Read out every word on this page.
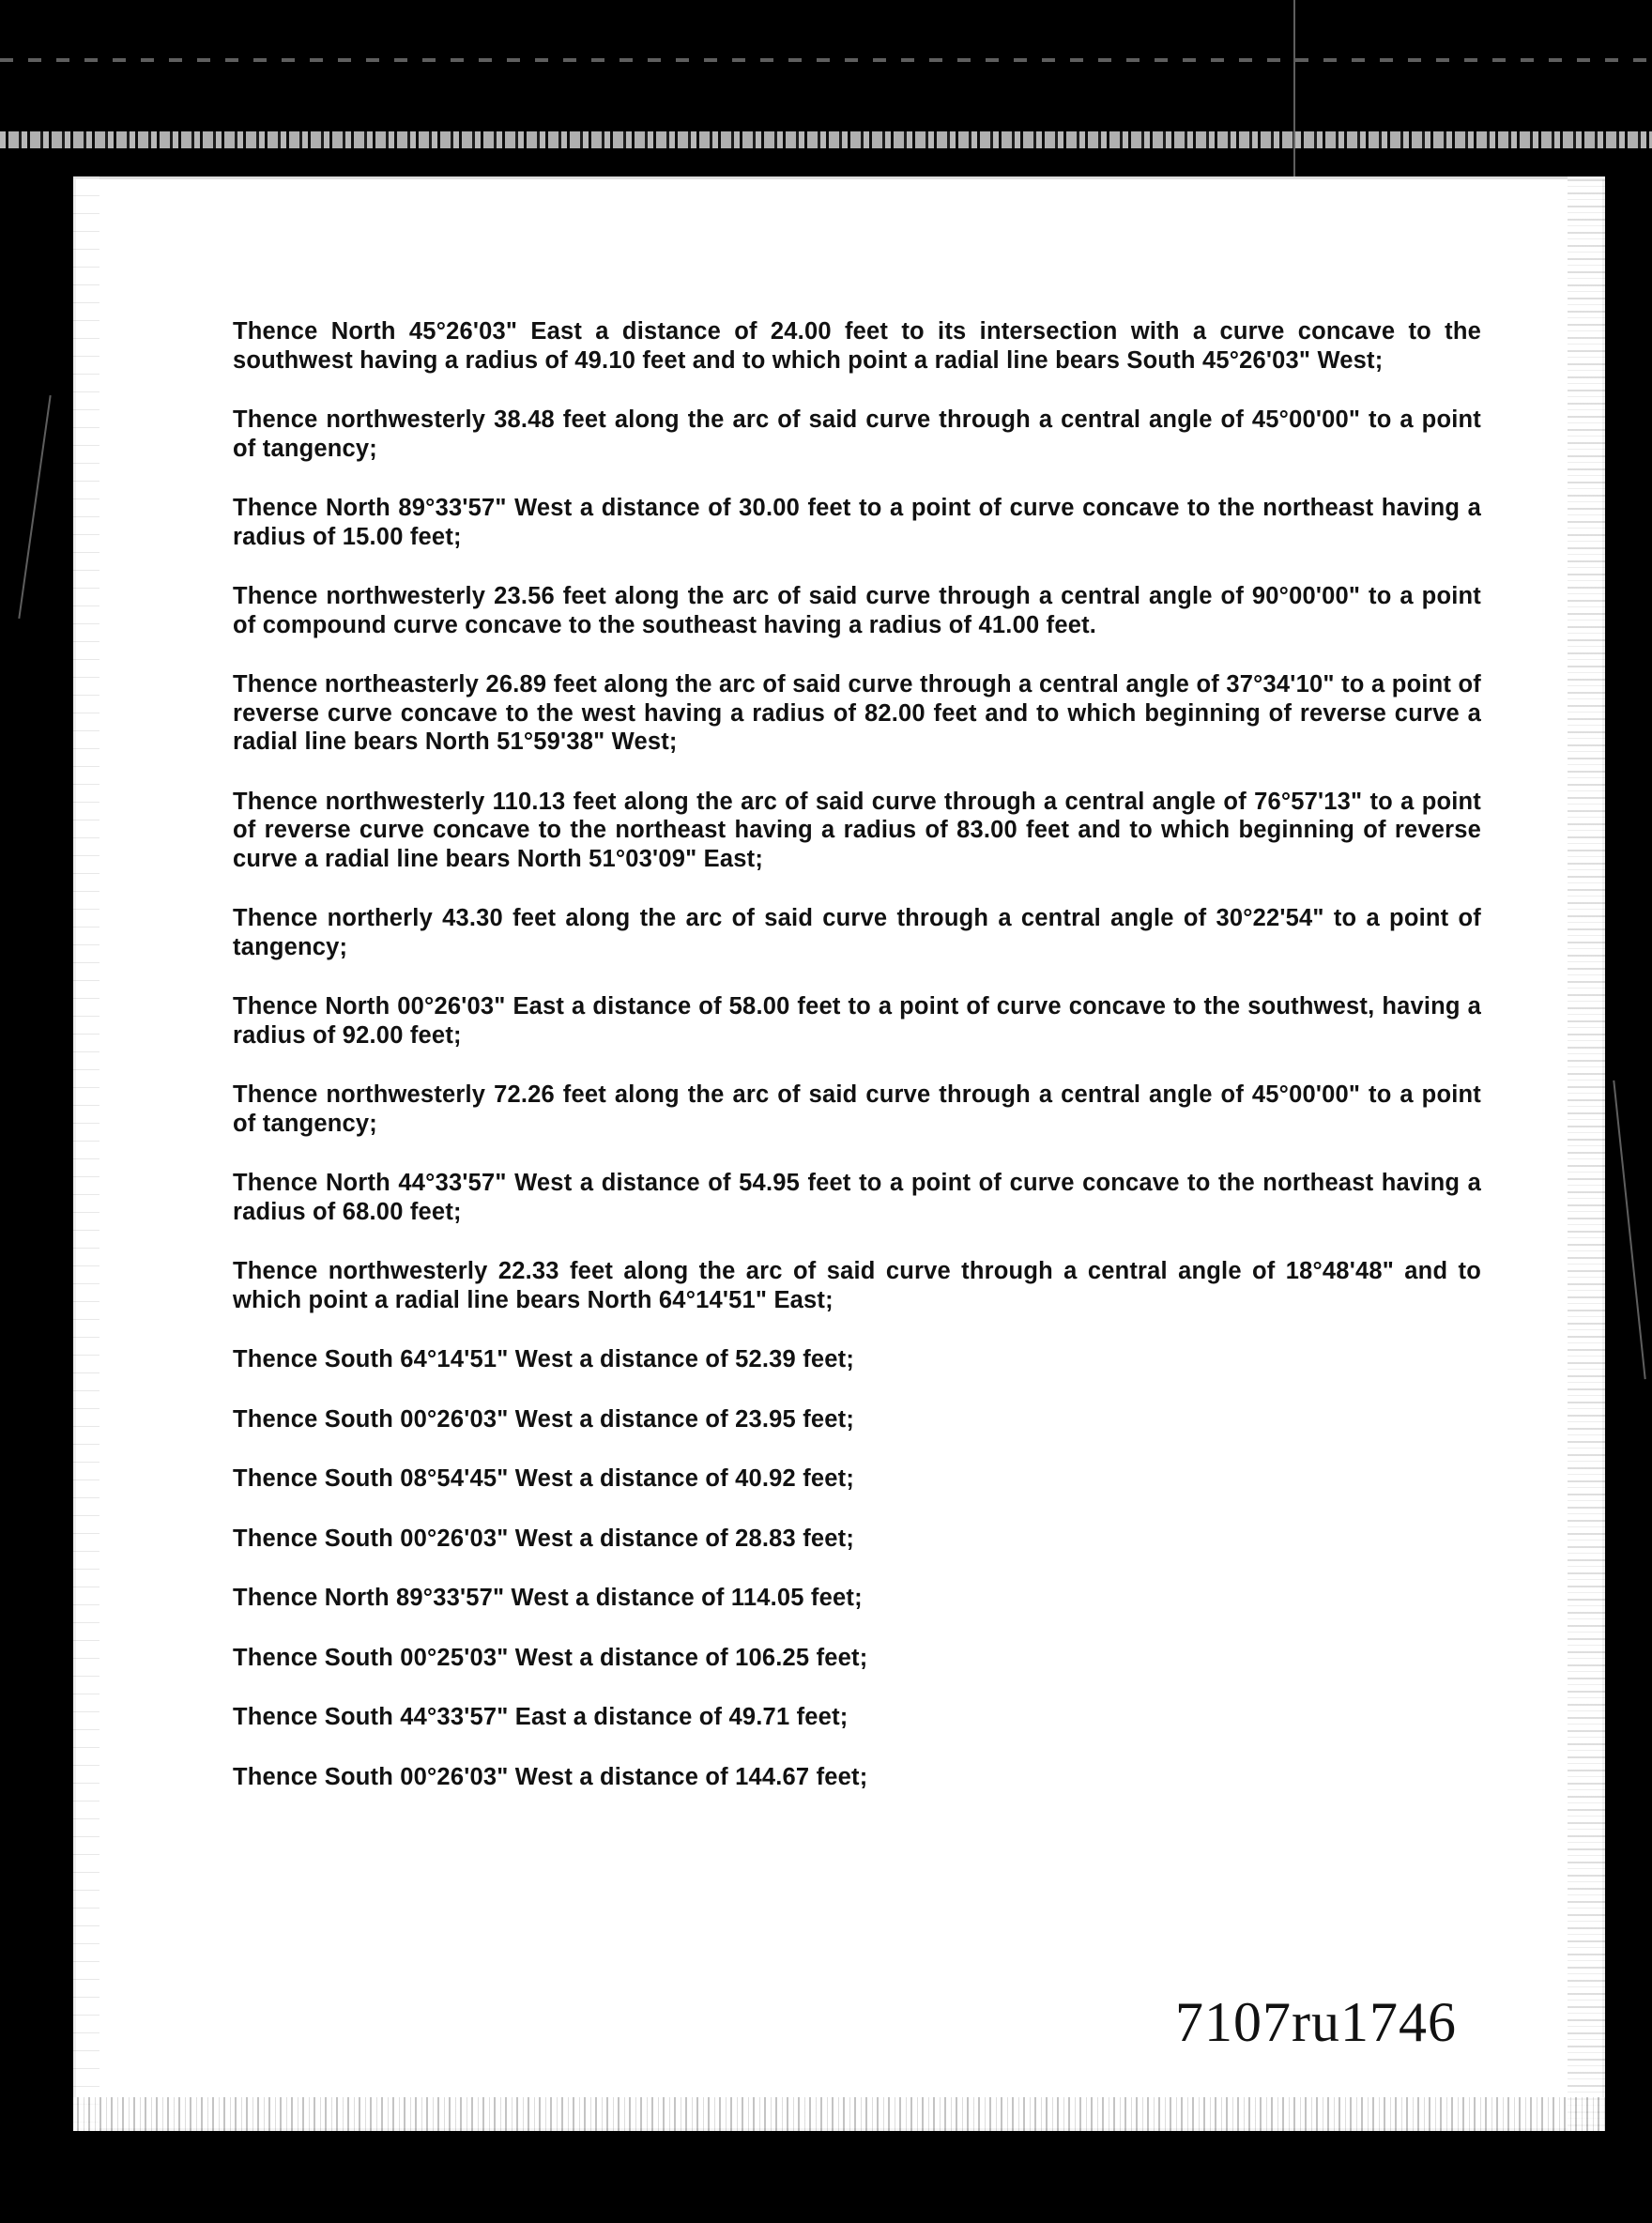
Thence North 45°26'03" East a distance of 24.00 feet to its intersection with a curve concave to the southwest having a radius of 49.10 feet and to which point a radial line bears South 45°26'03" West;

Thence northwesterly 38.48 feet along the arc of said curve through a central angle of 45°00'00" to a point of tangency;

Thence North 89°33'57" West a distance of 30.00 feet to a point of curve concave to the northeast having a radius of 15.00 feet;

Thence northwesterly 23.56 feet along the arc of said curve through a central angle of 90°00'00" to a point of compound curve concave to the southeast having a radius of 41.00 feet.

Thence northeasterly 26.89 feet along the arc of said curve through a central angle of 37°34'10" to a point of reverse curve concave to the west having a radius of 82.00 feet and to which beginning of reverse curve a radial line bears North 51°59'38" West;

Thence northwesterly 110.13 feet along the arc of said curve through a central angle of 76°57'13" to a point of reverse curve concave to the northeast having a radius of 83.00 feet and to which beginning of reverse curve a radial line bears North 51°03'09" East;

Thence northerly 43.30 feet along the arc of said curve through a central angle of 30°22'54" to a point of tangency;

Thence North 00°26'03" East a distance of 58.00 feet to a point of curve concave to the southwest, having a radius of 92.00 feet;

Thence northwesterly 72.26 feet along the arc of said curve through a central angle of 45°00'00" to a point of tangency;

Thence North 44°33'57" West a distance of 54.95 feet to a point of curve concave to the northeast having a radius of 68.00 feet;

Thence northwesterly 22.33 feet along the arc of said curve through a central angle of 18°48'48" and to which point a radial line bears North 64°14'51" East;

Thence South 64°14'51" West a distance of 52.39 feet;

Thence South 00°26'03" West a distance of 23.95 feet;

Thence South 08°54'45" West a distance of 40.92 feet;

Thence South 00°26'03" West a distance of 28.83 feet;

Thence North 89°33'57" West a distance of 114.05 feet;

Thence South 00°25'03" West a distance of 106.25 feet;

Thence South 44°33'57" East a distance of 49.71 feet;

Thence South 00°26'03" West a distance of 144.67 feet;

7107ru1746
